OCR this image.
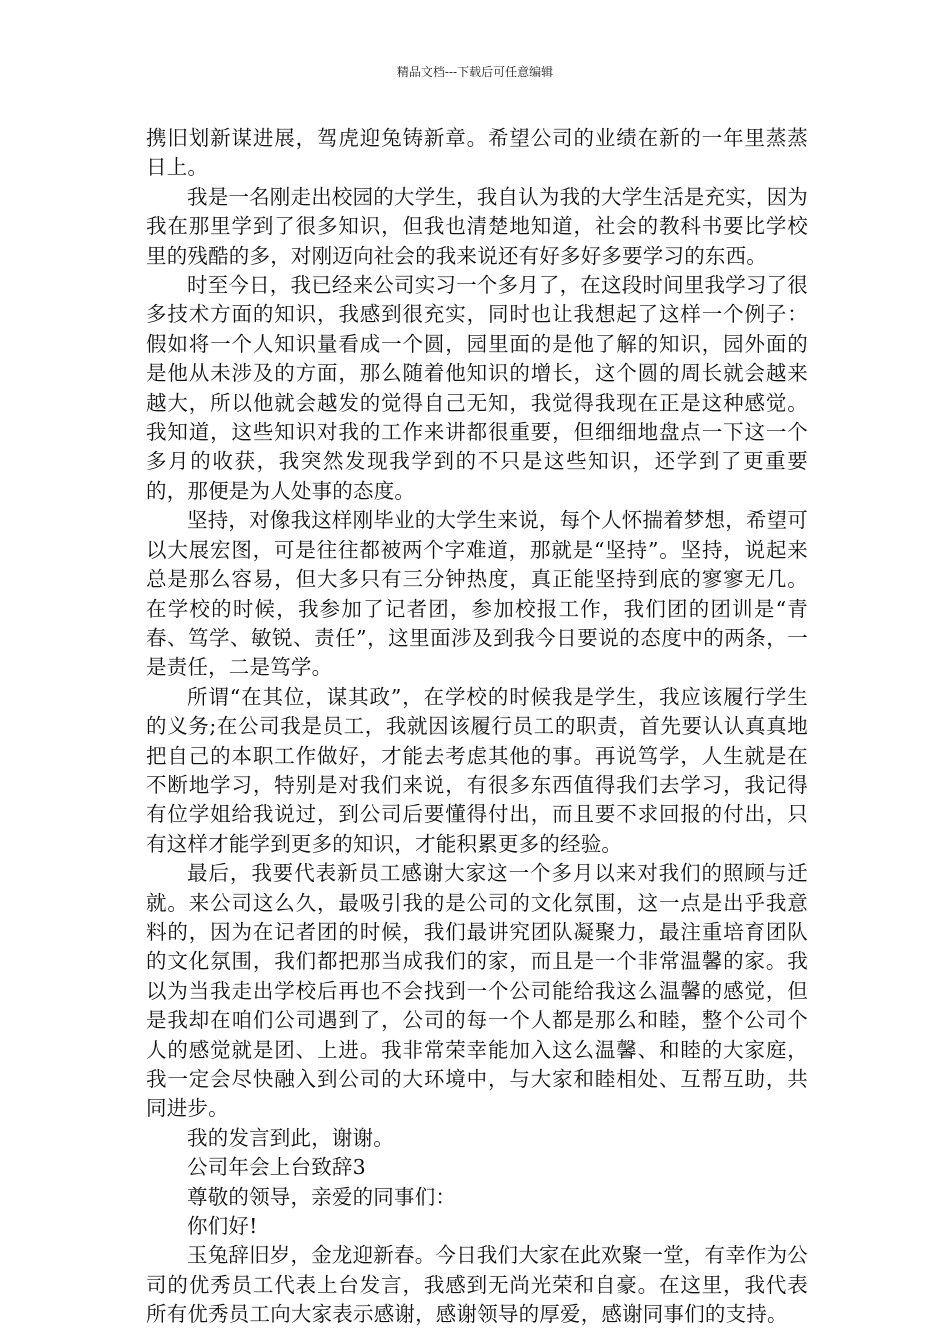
精品文档---下载后可任意编辑

携旧划新谋进展，驾虎迎兔铸新章。希望公司的业绩在新的一年里蒸蒸日上。

我是一名刚走出校园的大学生，我自认为我的大学生活是充实，因为我在那里学到了很多知识，但我也清楚地知道，社会的教科书要比学校里的残酷的多，对刚迈向社会的我来说还有好多好多要学习的东西。

时至今日，我已经来公司实习一个多月了，在这段时间里我学习了很多技术方面的知识，我感到很充实，同时也让我想起了这样一个例子：假如将一个人知识量看成一个圆，园里面的是他了解的知识，园外面的是他从未涉及的方面，那么随着他知识的增长，这个圆的周长就会越来越大，所以他就会越发的觉得自己无知，我觉得我现在正是这种感觉。我知道，这些知识对我的工作来讲都很重要，但细细地盘点一下这一个多月的收获，我突然发现我学到的不只是这些知识，还学到了更重要的，那便是为人处事的态度。

坚持，对像我这样刚毕业的大学生来说，每个人怀揣着梦想，希望可以大展宏图，可是往往都被两个字难道，那就是“坚持”。坚持，说起来总是那么容易，但大多只有三分钟热度，真正能坚持到底的寥寥无几。在学校的时候，我参加了记者团，参加校报工作，我们团的团训是“青春、笃学、敏锐、责任”，这里面涉及到我今日要说的态度中的两条，一是责任，二是笃学。

所谓“在其位，谋其政”，在学校的时候我是学生，我应该履行学生的义务;在公司我是员工，我就因该履行员工的职责，首先要认认真真地把自己的本职工作做好，才能去考虑其他的事。再说笃学，人生就是在不断地学习，特别是对我们来说，有很多东西值得我们去学习，我记得有位学姐给我说过，到公司后要懂得付出，而且要不求回报的付出，只有这样才能学到更多的知识，才能积累更多的经验。

最后，我要代表新员工感谢大家这一个多月以来对我们的照顾与迁就。来公司这么久，最吸引我的是公司的文化氛围，这一点是出乎我意料的，因为在记者团的时候，我们最讲究团队凝聚力，最注重培育团队的文化氛围，我们都把那当成我们的家，而且是一个非常温馨的家。我以为当我走出学校后再也不会找到一个公司能给我这么温馨的感觉，但是我却在咱们公司遇到了，公司的每一个人都是那么和睦，整个公司个人的感觉就是团、上进。我非常荣幸能加入这么温馨、和睦的大家庭，我一定会尽快融入到公司的大环境中，与大家和睦相处、互帮互助，共同进步。

我的发言到此，谢谢。

公司年会上台致辞3

尊敬的领导，亲爱的同事们：

你们好!

玉兔辞旧岁，金龙迎新春。今日我们大家在此欢聚一堂，有幸作为公司的优秀员工代表上台发言，我感到无尚光荣和自豪。在这里，我代表所有优秀员工向大家表示感谢，感谢领导的厚爱，感谢同事们的支持。
